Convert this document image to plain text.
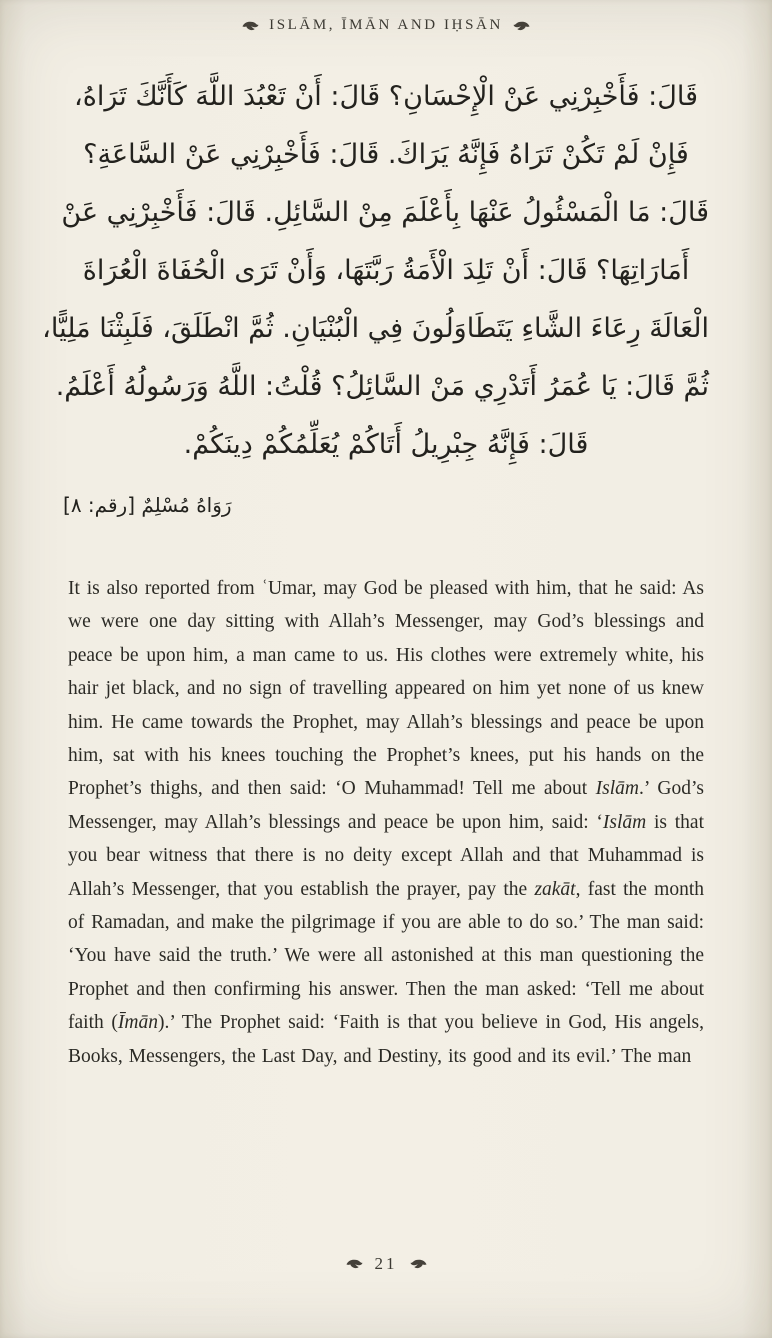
ISLĀM, ĪMĀN AND IḤSĀN
قَالَ: فَأَخْبِرْنِي عَنْ الْإِحْسَانِ؟ قَالَ: أَنْ تَعْبُدَ اللَّهَ كَأَنَّكَ تَرَاهُ،
فَإِنْ لَمْ تَكُنْ تَرَاهُ فَإِنَّهُ يَرَاكَ. قَالَ: فَأَخْبِرْنِي عَنْ السَّاعَةِ؟
قَالَ: مَا الْمَسْئُولُ عَنْهَا بِأَعْلَمَ مِنْ السَّائِلِ. قَالَ: فَأَخْبِرْنِي عَنْ
أَمَارَاتِهَا؟ قَالَ: أَنْ تَلِدَ الْأَمَةُ رَبَّتَهَا، وَأَنْ تَرَى الْحُفَاةَ الْعُرَاةَ
الْعَالَةَ رِعَاءَ الشَّاءِ يَتَطَاوَلُونَ فِي الْبُنْيَانِ. ثُمَّ انْطَلَقَ، فَلَبِثْنَا مَلِيًّا،
ثُمَّ قَالَ: يَا عُمَرُ أَتَدْرِي مَنْ السَّائِلُ؟ قُلْتُ: اللَّهُ وَرَسُولُهُ أَعْلَمُ.
قَالَ: فَإِنَّهُ جِبْرِيلُ أَتَاكُمْ يُعَلِّمُكُمْ دِينَكُمْ.
رَوَاهُ مُسْلِمٌ [رقم: ٨]

It is also reported from ʿUmar, may God be pleased with him, that he said: As we were one day sitting with Allah’s Messenger, may God’s blessings and peace be upon him, a man came to us. His clothes were extremely white, his hair jet black, and no sign of travelling appeared on him yet none of us knew him. He came towards the Prophet, may Allah’s blessings and peace be upon him, sat with his knees touching the Prophet’s knees, put his hands on the Prophet’s thighs, and then said: ‘O Muhammad! Tell me about Islām.’ God’s Messenger, may Allah’s blessings and peace be upon him, said: ‘Islām is that you bear witness that there is no deity except Allah and that Muhammad is Allah’s Messenger, that you establish the prayer, pay the zakāt, fast the month of Ramadan, and make the pilgrimage if you are able to do so.’ The man said: ‘You have said the truth.’ We were all astonished at this man questioning the Prophet and then confirming his answer. Then the man asked: ‘Tell me about faith (Īmān).’ The Prophet said: ‘Faith is that you believe in God, His angels, Books, Messengers, the Last Day, and Destiny, its good and its evil.’ The man

21
